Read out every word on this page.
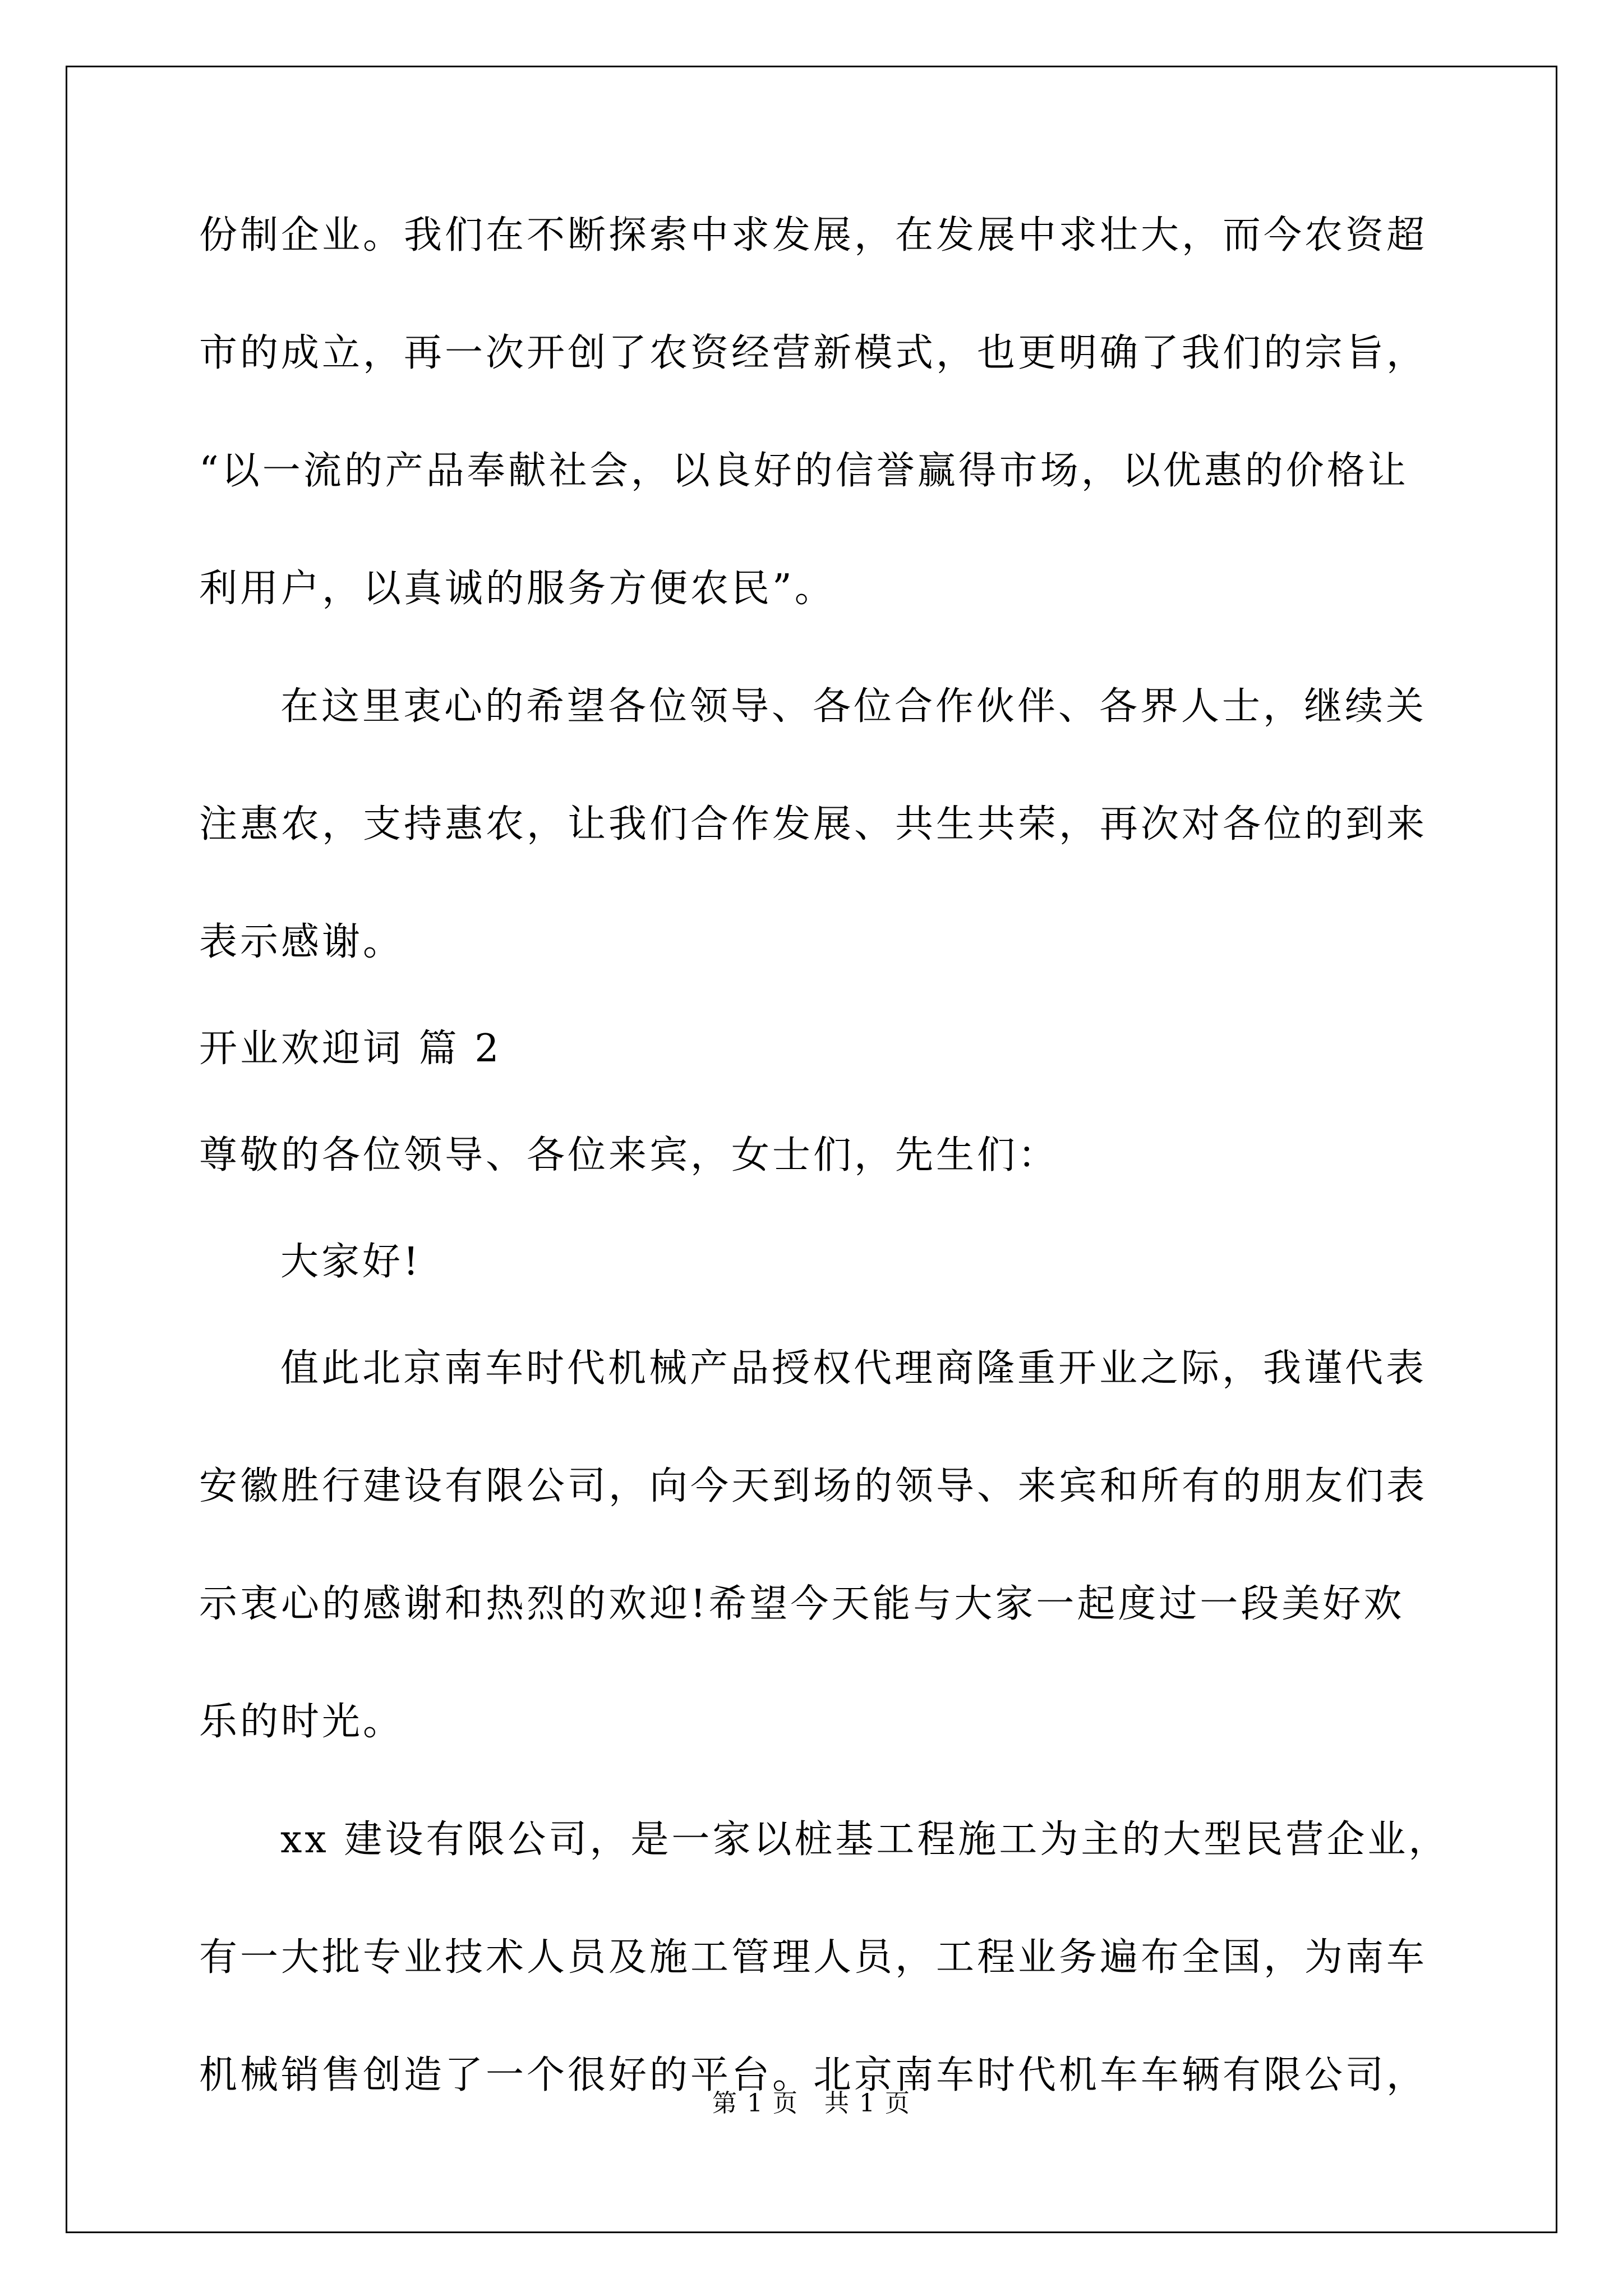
份制企业。我们在不断探索中求发展，在发展中求壮大，而今农资超
市的成立，再一次开创了农资经营新模式，也更明确了我们的宗旨，
“以一流的产品奉献社会，以良好的信誉赢得市场，以优惠的价格让
利用户，以真诚的服务方便农民”。
在这里衷心的希望各位领导、各位合作伙伴、各界人士，继续关
注惠农，支持惠农，让我们合作发展、共生共荣，再次对各位的到来
表示感谢。
开业欢迎词 篇 2
尊敬的各位领导、各位来宾，女士们，先生们：
大家好!
值此北京南车时代机械产品授权代理商隆重开业之际，我谨代表
安徽胜行建设有限公司，向今天到场的领导、来宾和所有的朋友们表
示衷心的感谢和热烈的欢迎!希望今天能与大家一起度过一段美好欢
乐的时光。
xx 建设有限公司，是一家以桩基工程施工为主的大型民营企业，
有一大批专业技术人员及施工管理人员，工程业务遍布全国，为南车
机械销售创造了一个很好的平台。北京南车时代机车车辆有限公司，
第 1 页　共 1 页
